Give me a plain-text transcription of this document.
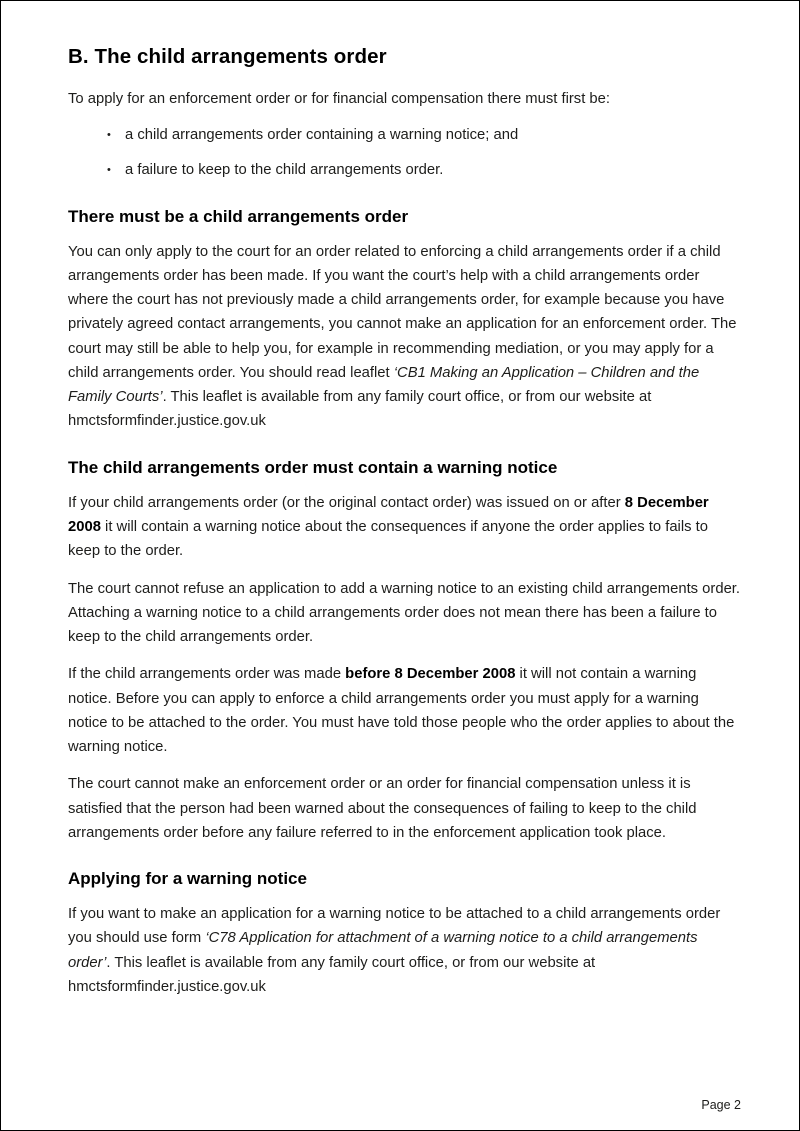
B. The child arrangements order

To apply for an enforcement order or for financial compensation there must first be:

• a child arrangements order containing a warning notice; and
• a failure to keep to the child arrangements order.
There must be a child arrangements order

You can only apply to the court for an order related to enforcing a child arrangements order if a child arrangements order has been made. If you want the court’s help with a child arrangements order where the court has not previously made a child arrangements order, for example because you have privately agreed contact arrangements, you cannot make an application for an enforcement order. The court may still be able to help you, for example in recommending mediation, or you may apply for a child arrangements order. You should read leaflet ‘CB1 Making an Application – Children and the Family Courts’. This leaflet is available from any family court office, or from our website at hmctsformfinder.justice.gov.uk

The child arrangements order must contain a warning notice

If your child arrangements order (or the original contact order) was issued on or after 8 December 2008 it will contain a warning notice about the consequences if anyone the order applies to fails to keep to the order.

The court cannot refuse an application to add a warning notice to an existing child arrangements order. Attaching a warning notice to a child arrangements order does not mean there has been a failure to keep to the child arrangements order.

If the child arrangements order was made before 8 December 2008 it will not contain a warning notice. Before you can apply to enforce a child arrangements order you must apply for a warning notice to be attached to the order. You must have told those people who the order applies to about the warning notice.

The court cannot make an enforcement order or an order for financial compensation unless it is satisfied that the person had been warned about the consequences of failing to keep to the child arrangements order before any failure referred to in the enforcement application took place.

Applying for a warning notice

If you want to make an application for a warning notice to be attached to a child arrangements order you should use form ‘C78 Application for attachment of a warning notice to a child arrangements order’. This leaflet is available from any family court office, or from our website at hmctsformfinder.justice.gov.uk

Page 2
